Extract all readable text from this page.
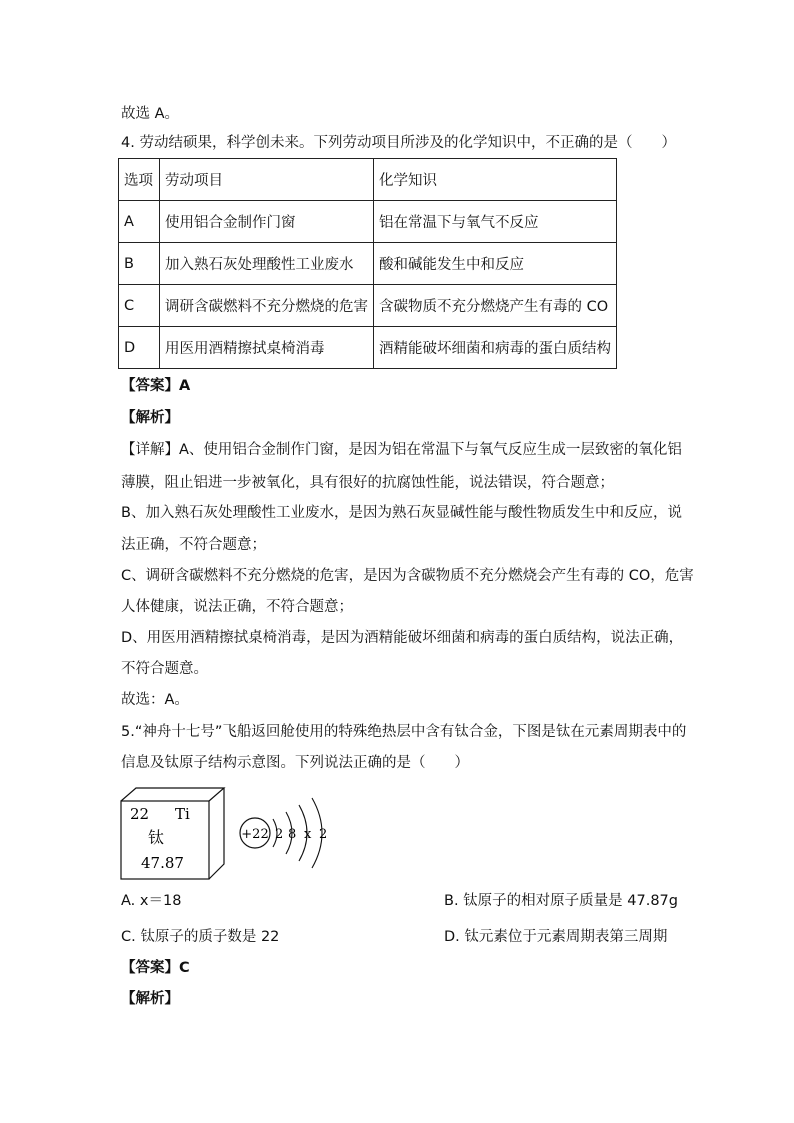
故选 A。
4. 劳动结硕果，科学创未来。下列劳动项目所涉及的化学知识中，不正确的是（　　）
选项	劳动项目	化学知识
A	使用铝合金制作门窗	铝在常温下与氧气不反应
B	加入熟石灰处理酸性工业废水	酸和碱能发生中和反应
C	调研含碳燃料不充分燃烧的危害	含碳物质不充分燃烧产生有毒的 CO
D	用医用酒精擦拭桌椅消毒	酒精能破坏细菌和病毒的蛋白质结构
【答案】A
【解析】
【详解】A、使用铝合金制作门窗，是因为铝在常温下与氧气反应生成一层致密的氧化铝
薄膜，阻止铝进一步被氧化，具有很好的抗腐蚀性能，说法错误，符合题意；
B、加入熟石灰处理酸性工业废水，是因为熟石灰显碱性能与酸性物质发生中和反应，说
法正确，不符合题意；
C、调研含碳燃料不充分燃烧的危害，是因为含碳物质不充分燃烧会产生有毒的 CO，危害
人体健康，说法正确，不符合题意；
D、用医用酒精擦拭桌椅消毒，是因为酒精能破坏细菌和病毒的蛋白质结构，说法正确，
不符合题意。
故选：A。
5.“神舟十七号”飞船返回舱使用的特殊绝热层中含有钛合金，下图是钛在元素周期表中的
信息及钛原子结构示意图。下列说法正确的是（　　）
22 Ti
钛
47.87
+22 2 8 x 2
A. x＝18	B. 钛原子的相对原子质量是 47.87g
C. 钛原子的质子数是 22	D. 钛元素位于元素周期表第三周期
【答案】C
【解析】
